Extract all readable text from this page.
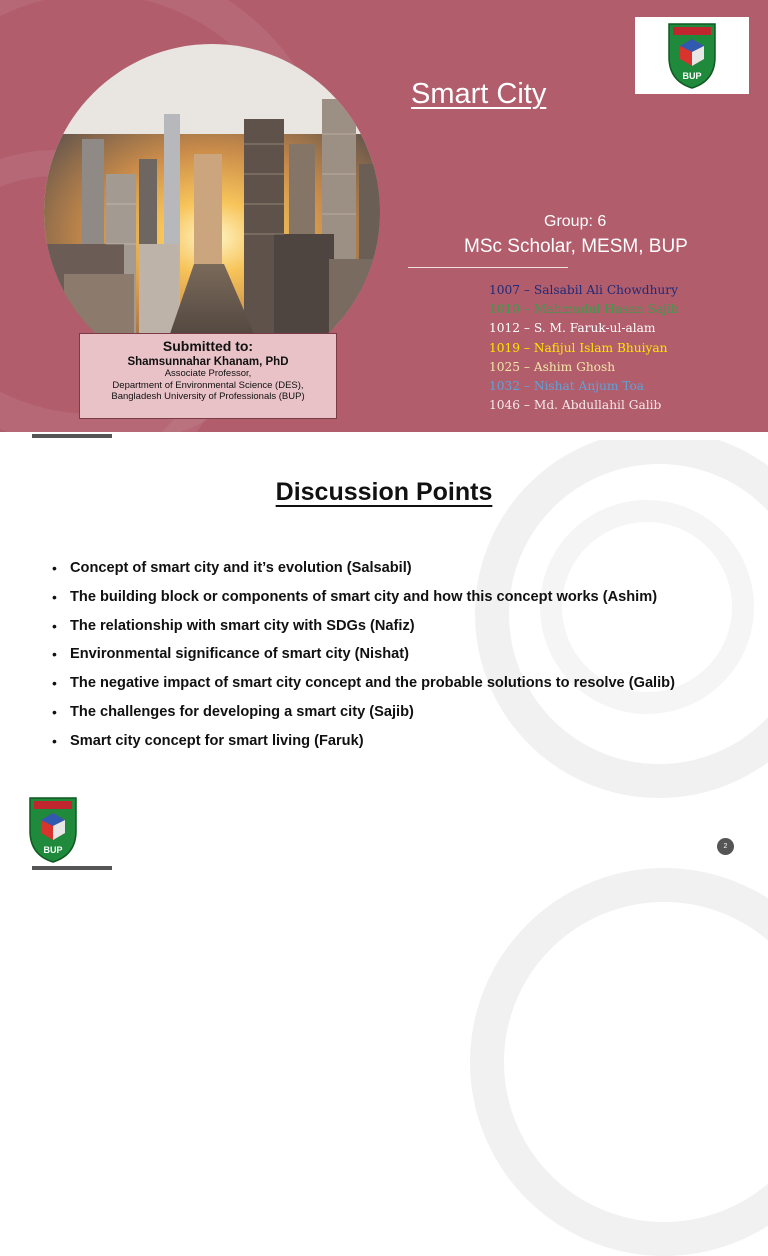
Submitted to:
Shamsunnahar Khanam, PhD
Associate Professor,
Department of Environmental Science (DES),
Bangladesh University of Professionals (BUP)
BUP
Smart City
Group: 6
MSc Scholar, MESM, BUP
1007 – Salsabil Ali Chowdhury
1010 – Mahmudul Hasan Sajib
1012 – S. M. Faruk-ul-alam
1019 – Nafijul Islam Bhuiyan
1025 – Ashim Ghosh
1032 – Nishat Anjum Toa
1046 – Md. Abdullahil Galib
Discussion Points
• Concept of smart city and it’s evolution (Salsabil)
• The building block or components of smart city and how this concept works (Ashim)
• The relationship with smart city with SDGs (Nafiz)
• Environmental significance of smart city (Nishat)
• The negative impact of smart city concept and the probable solutions to resolve (Galib)
• The challenges for developing a smart city (Sajib)
• Smart city concept for smart living (Faruk)
BUP	2
